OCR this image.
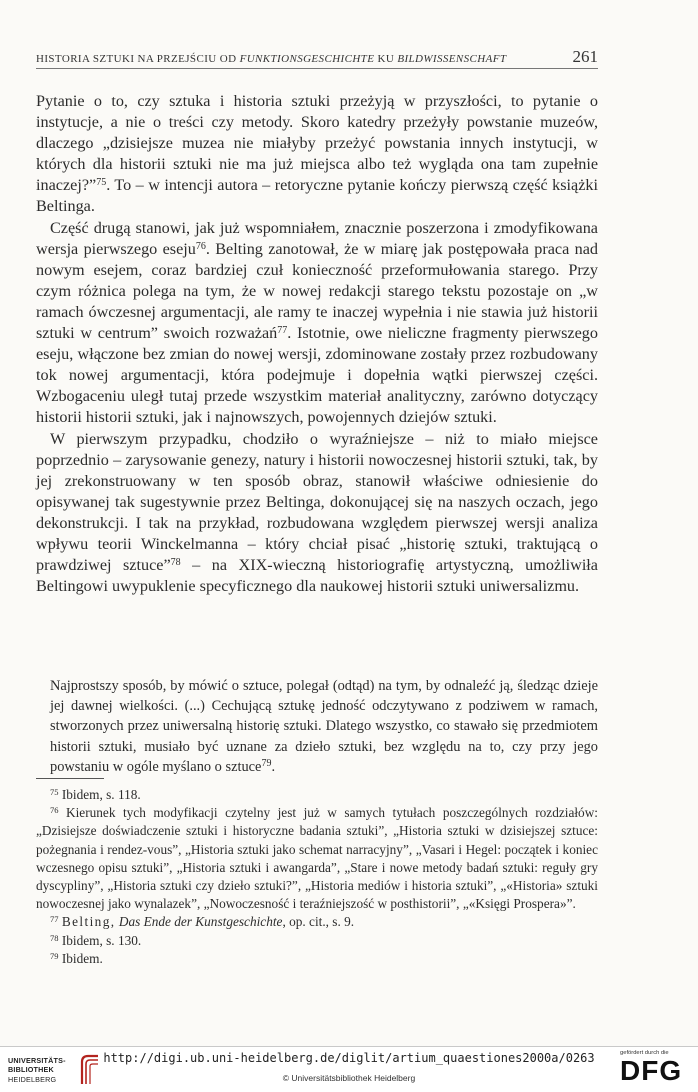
HISTORIA SZTUKI NA PRZEJŚCIU OD FUNKTIONSGESCHICHTE KU BILDWISSENSCHAFT	261

Pytanie o to, czy sztuka i historia sztuki przeżyją w przyszłości, to pytanie o instytucje, a nie o treści czy metody. Skoro katedry przeżyły powstanie muzeów, dlaczego „dzisiejsze muzea nie miałyby przeżyć powstania innych instytucji, w których dla historii sztuki nie ma już miejsca albo też wygląda ona tam zupełnie inaczej?”$^{75}$. To – w intencji autora – retoryczne pytanie kończy pierwszą część książki Beltinga.

Część drugą stanowi, jak już wspomniałem, znacznie poszerzona i zmodyfikowana wersja pierwszego eseju$^{76}$. Belting zanotował, że w miarę jak postępowała praca nad nowym esejem, coraz bardziej czuł konieczność przeformułowania starego. Przy czym różnica polega na tym, że w nowej redakcji starego tekstu pozostaje on „w ramach ówczesnej argumentacji, ale ramy te inaczej wypełnia i nie stawia już historii sztuki w centrum” swoich rozważań$^{77}$. Istotnie, owe nieliczne fragmenty pierwszego eseju, włączone bez zmian do nowej wersji, zdominowane zostały przez rozbudowany tok nowej argumentacji, która podejmuje i dopełnia wątki pierwszej części. Wzbogaceniu uległ tutaj przede wszystkim materiał analityczny, zarówno dotyczący historii historii sztuki, jak i najnowszych, powojennych dziejów sztuki.

W pierwszym przypadku, chodziło o wyraźniejsze – niż to miało miejsce poprzednio – zarysowanie genezy, natury i historii nowoczesnej historii sztuki, tak, by jej zrekonstruowany w ten sposób obraz, stanowił właściwe odniesienie do opisywanej tak sugestywnie przez Beltinga, dokonującej się na naszych oczach, jego dekonstrukcji. I tak na przykład, rozbudowana względem pierwszej wersji analiza wpływu teorii Winckelmanna – który chciał pisać „historię sztuki, traktującą o prawdziwej sztuce”$^{78}$ – na XIX-wieczną historiografię artystyczną, umożliwiła Beltingowi uwypuklenie specyficznego dla naukowej historii sztuki uniwersalizmu.

Najprostszy sposób, by mówić o sztuce, polegał (odtąd) na tym, by odnaleźć ją, śledząc dzieje jej dawnej wielkości. (...) Cechującą sztukę jedność odczytywano z podziwem w ramach, stworzonych przez uniwersalną historię sztuki. Dlatego wszystko, co stawało się przedmiotem historii sztuki, musiało być uznane za dzieło sztuki, bez względu na to, czy przy jego powstaniu w ogóle myślano o sztuce$^{79}$.

$^{75}$ Ibidem, s. 118.

$^{76}$ Kierunek tych modyfikacji czytelny jest już w samych tytułach poszczególnych rozdziałów: „Dzisiejsze doświadczenie sztuki i historyczne badania sztuki”, „Historia sztuki w dzisiejszej sztuce: pożegnania i rendez-vous”, „Historia sztuki jako schemat narracyjny”, „Vasari i Hegel: początek i koniec wczesnego opisu sztuki”, „Historia sztuki i awangarda”, „Stare i nowe metody badań sztuki: reguły gry dyscypliny”, „Historia sztuki czy dzieło sztuki?”, „Historia mediów i historia sztuki”, „«Historia» sztuki nowoczesnej jako wynalazek”, „Nowoczesność i teraźniejszość w posthistorii”, „«Księgi Prospera»”.

$^{77}$ Belting, Das Ende der Kunstgeschichte, op. cit., s. 9.

$^{78}$ Ibidem, s. 130.

$^{79}$ Ibidem.

UNIVERSITÄTS-
BIBLIOTHEK
HEIDELBERG
http://digi.ub.uni-heidelberg.de/diglit/artium_quaestiones2000a/0263
© Universitätsbibliothek Heidelberg
gefördert durch die
DFG
